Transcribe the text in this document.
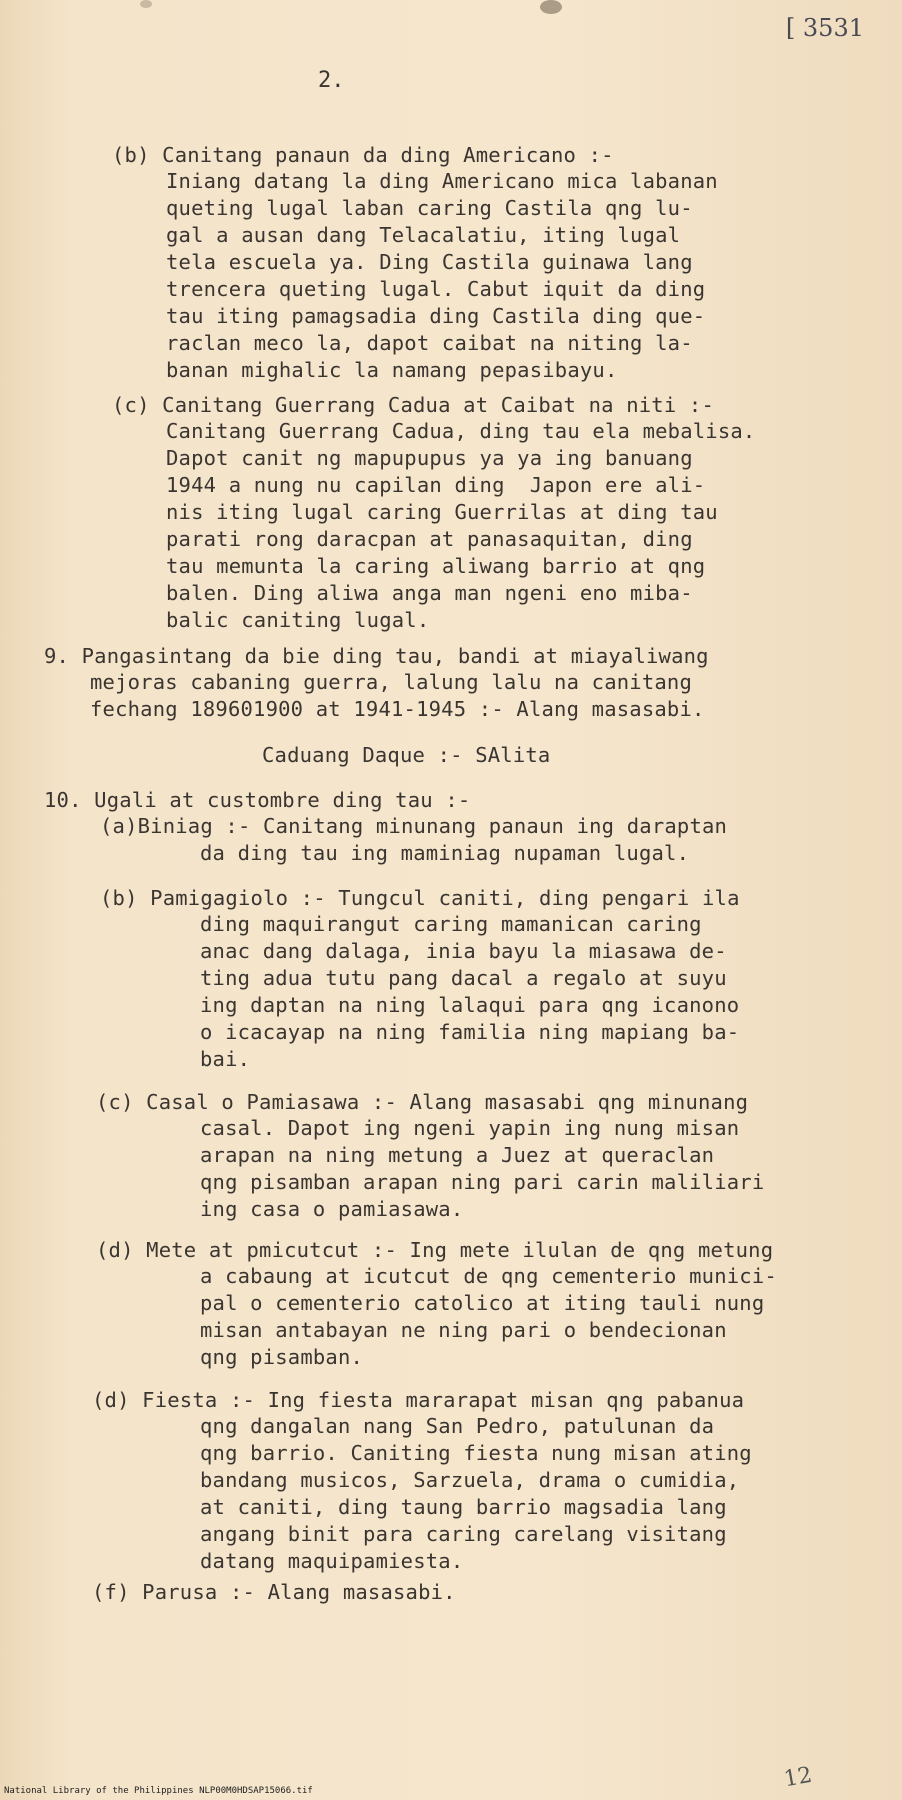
[ 3531
2.
(b) Canitang panaun da ding Americano :-
Iniang datang la ding Americano mica labanan
queting lugal laban caring Castila qng lu-
gal a ausan dang Telacalatiu, iting lugal
tela escuela ya. Ding Castila guinawa lang
trencera queting lugal. Cabut iquit da ding
tau iting pamagsadia ding Castila ding que-
raclan meco la, dapot caibat na niting la-
banan mighalic la namang pepasibayu.
(c) Canitang Guerrang Cadua at Caibat na niti :-
Canitang Guerrang Cadua, ding tau ela mebalisa.
Dapot canit ng mapupupus ya ya ing banuang
1944 a nung nu capilan ding  Japon ere ali-
nis iting lugal caring Guerrilas at ding tau
parati rong daracpan at panasaquitan, ding
tau memunta la caring aliwang barrio at qng
balen. Ding aliwa anga man ngeni eno miba-
balic caniting lugal.
9. Pangasintang da bie ding tau, bandi at miayaliwang
mejoras cabaning guerra, lalung lalu na canitang
fechang 189601900 at 1941-1945 :- Alang masasabi.
Caduang Daque :- SAlita
10. Ugali at custombre ding tau :-
(a)Biniag :- Canitang minunang panaun ing daraptan
da ding tau ing maminiag nupaman lugal.
(b) Pamigagiolo :- Tungcul caniti, ding pengari ila
ding maquirangut caring mamanican caring
anac dang dalaga, inia bayu la miasawa de-
ting adua tutu pang dacal a regalo at suyu
ing daptan na ning lalaqui para qng icanono
o icacayap na ning familia ning mapiang ba-
bai.
(c) Casal o Pamiasawa :- Alang masasabi qng minunang
casal. Dapot ing ngeni yapin ing nung misan
arapan na ning metung a Juez at queraclan
qng pisamban arapan ning pari carin maliliari
ing casa o pamiasawa.
(d) Mete at pmicutcut :- Ing mete ilulan de qng metung
a cabaung at icutcut de qng cementerio munici-
pal o cementerio catolico at iting tauli nung
misan antabayan ne ning pari o bendecionan
qng pisamban.
(d) Fiesta :- Ing fiesta mararapat misan qng pabanua
qng dangalan nang San Pedro, patulunan da
qng barrio. Caniting fiesta nung misan ating
bandang musicos, Sarzuela, drama o cumidia,
at caniti, ding taung barrio magsadia lang
angang binit para caring carelang visitang
datang maquipamiesta.
(f) Parusa :- Alang masasabi.
12
National Library of the Philippines NLP00M0HDSAP15066.tif
